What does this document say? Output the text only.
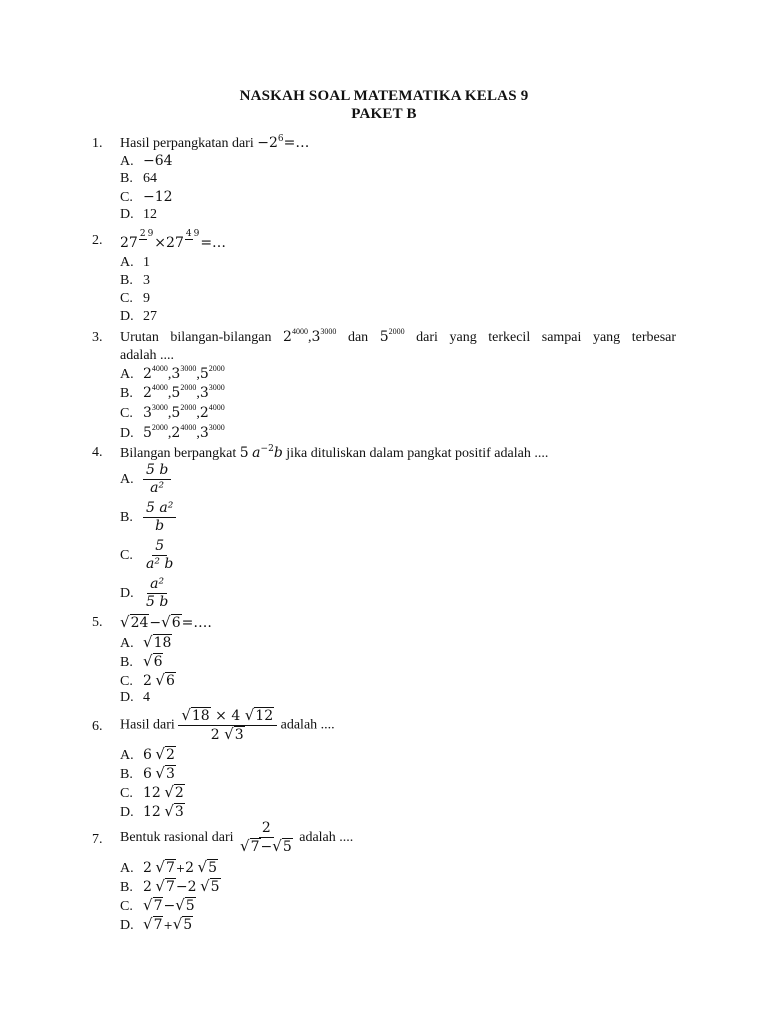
NASKAH SOAL MATEMATIKA KELAS 9
PAKET B
1. Hasil perpangkatan dari $-2^6=\dots$
A. −64
B. 64
C. −12
D. 12
2. 272 9×274 9=…
A. 1
B. 3
C. 9
D. 27
3. Urutan bilangan-bilangan $2^{4000},3^{3000}$ dan $5^{2000}$ dari yang terkecil sampai yang terbesar
adalah ....
A. $2^{4000},3^{3000},5^{2000}$
B. $2^{4000},5^{2000},3^{3000}$
C. $3^{3000},5^{2000},2^{4000}$
D. $5^{2000},2^{4000},3^{3000}$
4. Bilangan berpangkat 5 $a^{-2}b$ jika dituliskan dalam pangkat positif adalah ....
A. $\frac{5 b}{\text{a²}}$
B. $\frac{\text{5 a²}}{b}$
C. $\frac{5}{\text{a² b}}$
D. $\frac{\text{a²}}{5 b}$
5. √24−√6=….
A. √18
B. √6
C. 2 √6
D. 4
6. Hasil dari $\frac{√18 \times 4 √12}{2 √3}$ adalah ....
A. 6 √2
B. 6 √3
C. 12 √2
D. 12 √3
7. Bentuk rasional dari $\frac{2}{√7-√5}$ adalah ....
A. 2 √7+2 √5
B. 2 √7−2 √5
C. √7−√5
D. √7+√5
